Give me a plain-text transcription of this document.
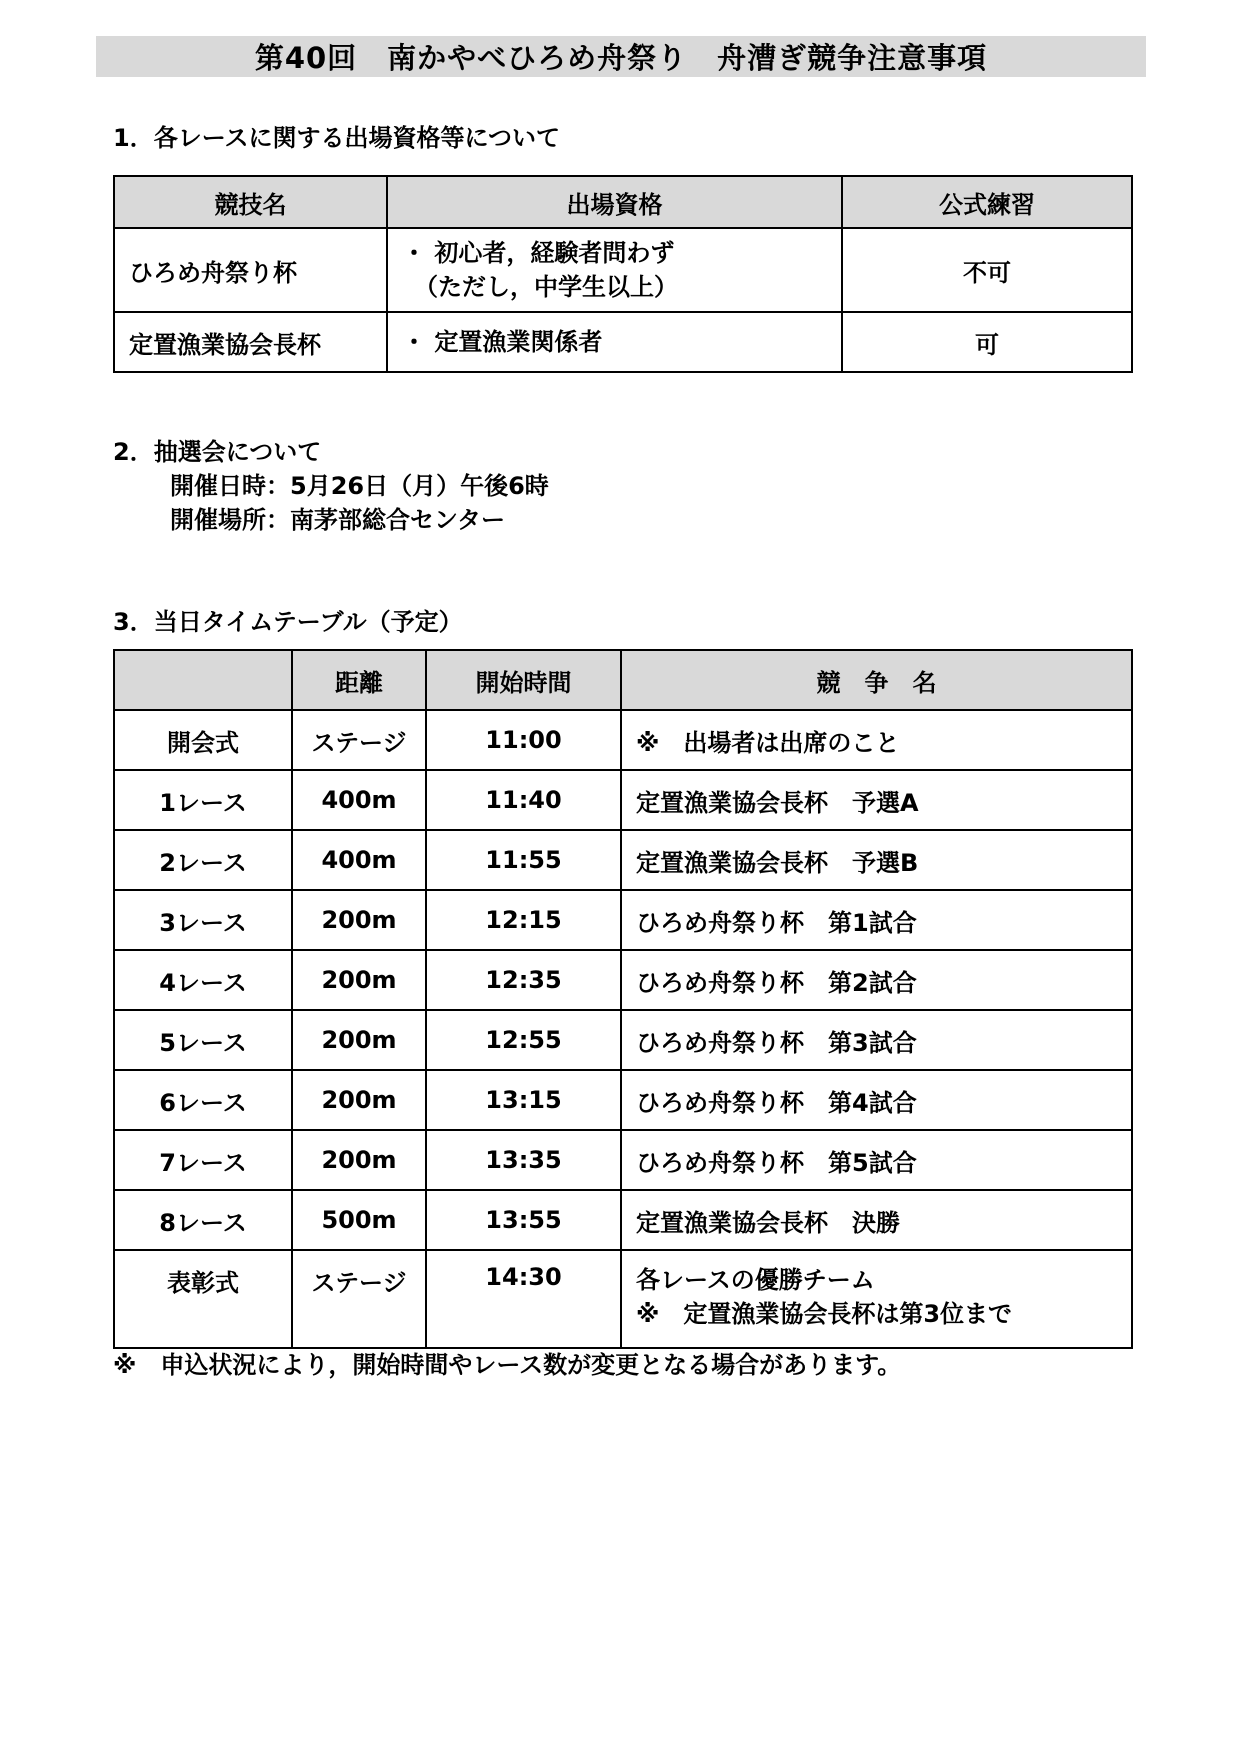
第40回　南かやべひろめ舟祭り　舟漕ぎ競争注意事項
1．各レースに関する出場資格等について
競技名	出場資格	公式練習
ひろめ舟祭り杯	・ 初心者，経験者問わず
　（ただし，中学生以上）	不可
定置漁業協会長杯	・ 定置漁業関係者	可
2．抽選会について
開催日時：5月26日（月）午後6時
開催場所：南茅部総合センター
3．当日タイムテーブル（予定）
	距離	開始時間	競　争　名
開会式	ステージ	11:00	※　出場者は出席のこと
1レース	400m	11:40	定置漁業協会長杯　予選A
2レース	400m	11:55	定置漁業協会長杯　予選B
3レース	200m	12:15	ひろめ舟祭り杯　第1試合
4レース	200m	12:35	ひろめ舟祭り杯　第2試合
5レース	200m	12:55	ひろめ舟祭り杯　第3試合
6レース	200m	13:15	ひろめ舟祭り杯　第4試合
7レース	200m	13:35	ひろめ舟祭り杯　第5試合
8レース	500m	13:55	定置漁業協会長杯　決勝
表彰式	ステージ	14:30	各レースの優勝チーム
※　定置漁業協会長杯は第3位まで
※　申込状況により，開始時間やレース数が変更となる場合があります。
